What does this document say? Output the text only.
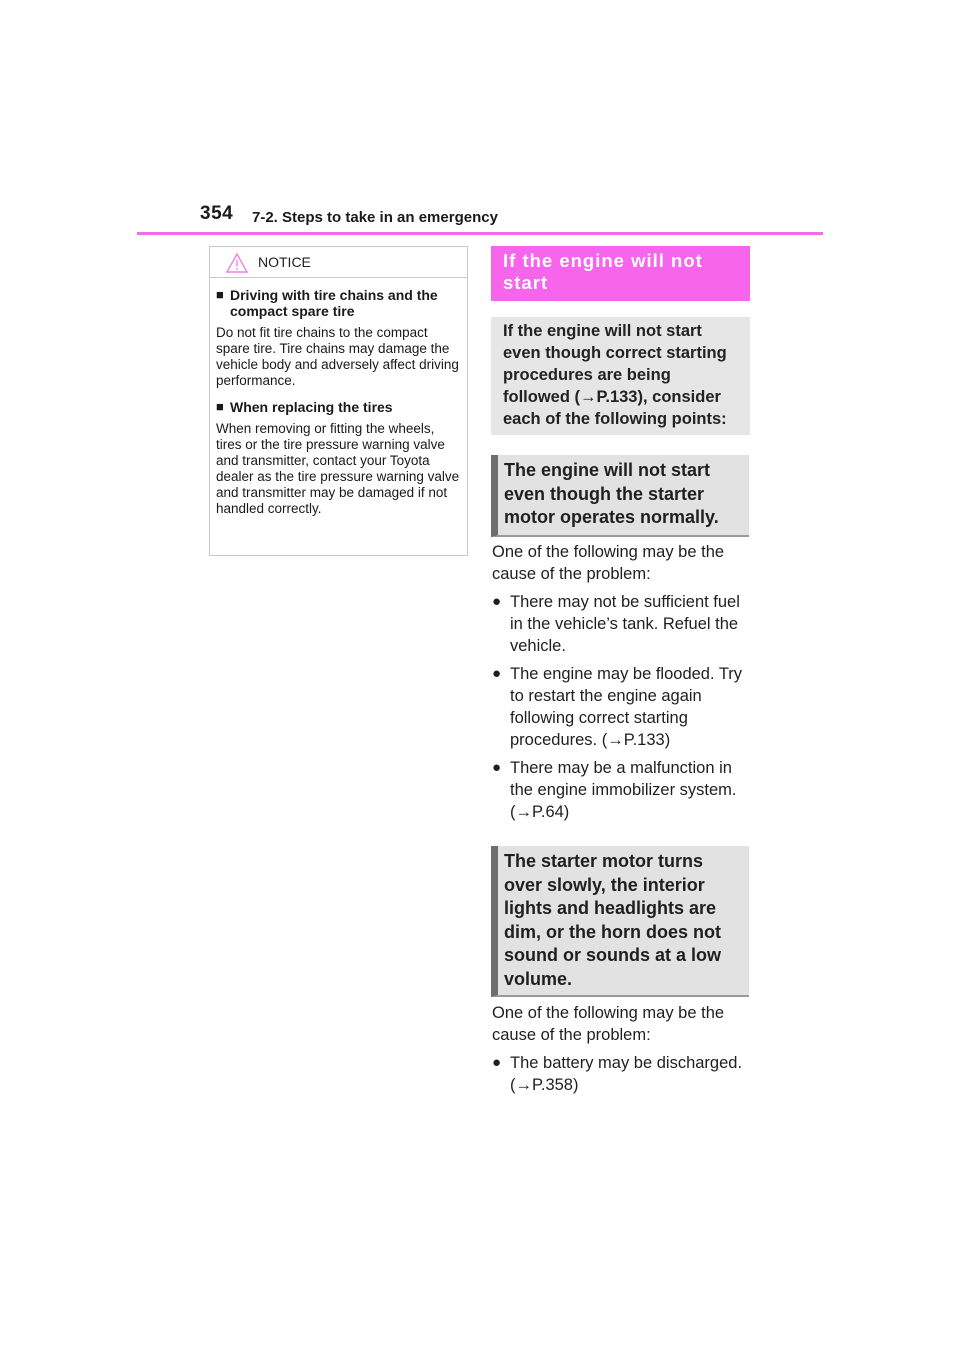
354 7-2. Steps to take in an emergency
NOTICE
■ Driving with tire chains and the compact spare tire
Do not fit tire chains to the compact spare tire. Tire chains may damage the vehicle body and adversely affect driving performance.
■ When replacing the tires
When removing or fitting the wheels, tires or the tire pressure warning valve and transmitter, contact your Toyota dealer as the tire pressure warning valve and transmitter may be damaged if not handled correctly.
If the engine will not start
If the engine will not start even though correct starting procedures are being followed (→P.133), consider each of the following points:
The engine will not start even though the starter motor operates normally.
One of the following may be the cause of the problem:
● There may not be sufficient fuel in the vehicle’s tank. Refuel the vehicle.
● The engine may be flooded. Try to restart the engine again following correct starting procedures. (→P.133)
● There may be a malfunction in the engine immobilizer system. (→P.64)
The starter motor turns over slowly, the interior lights and headlights are dim, or the horn does not sound or sounds at a low volume.
One of the following may be the cause of the problem:
● The battery may be discharged. (→P.358)
